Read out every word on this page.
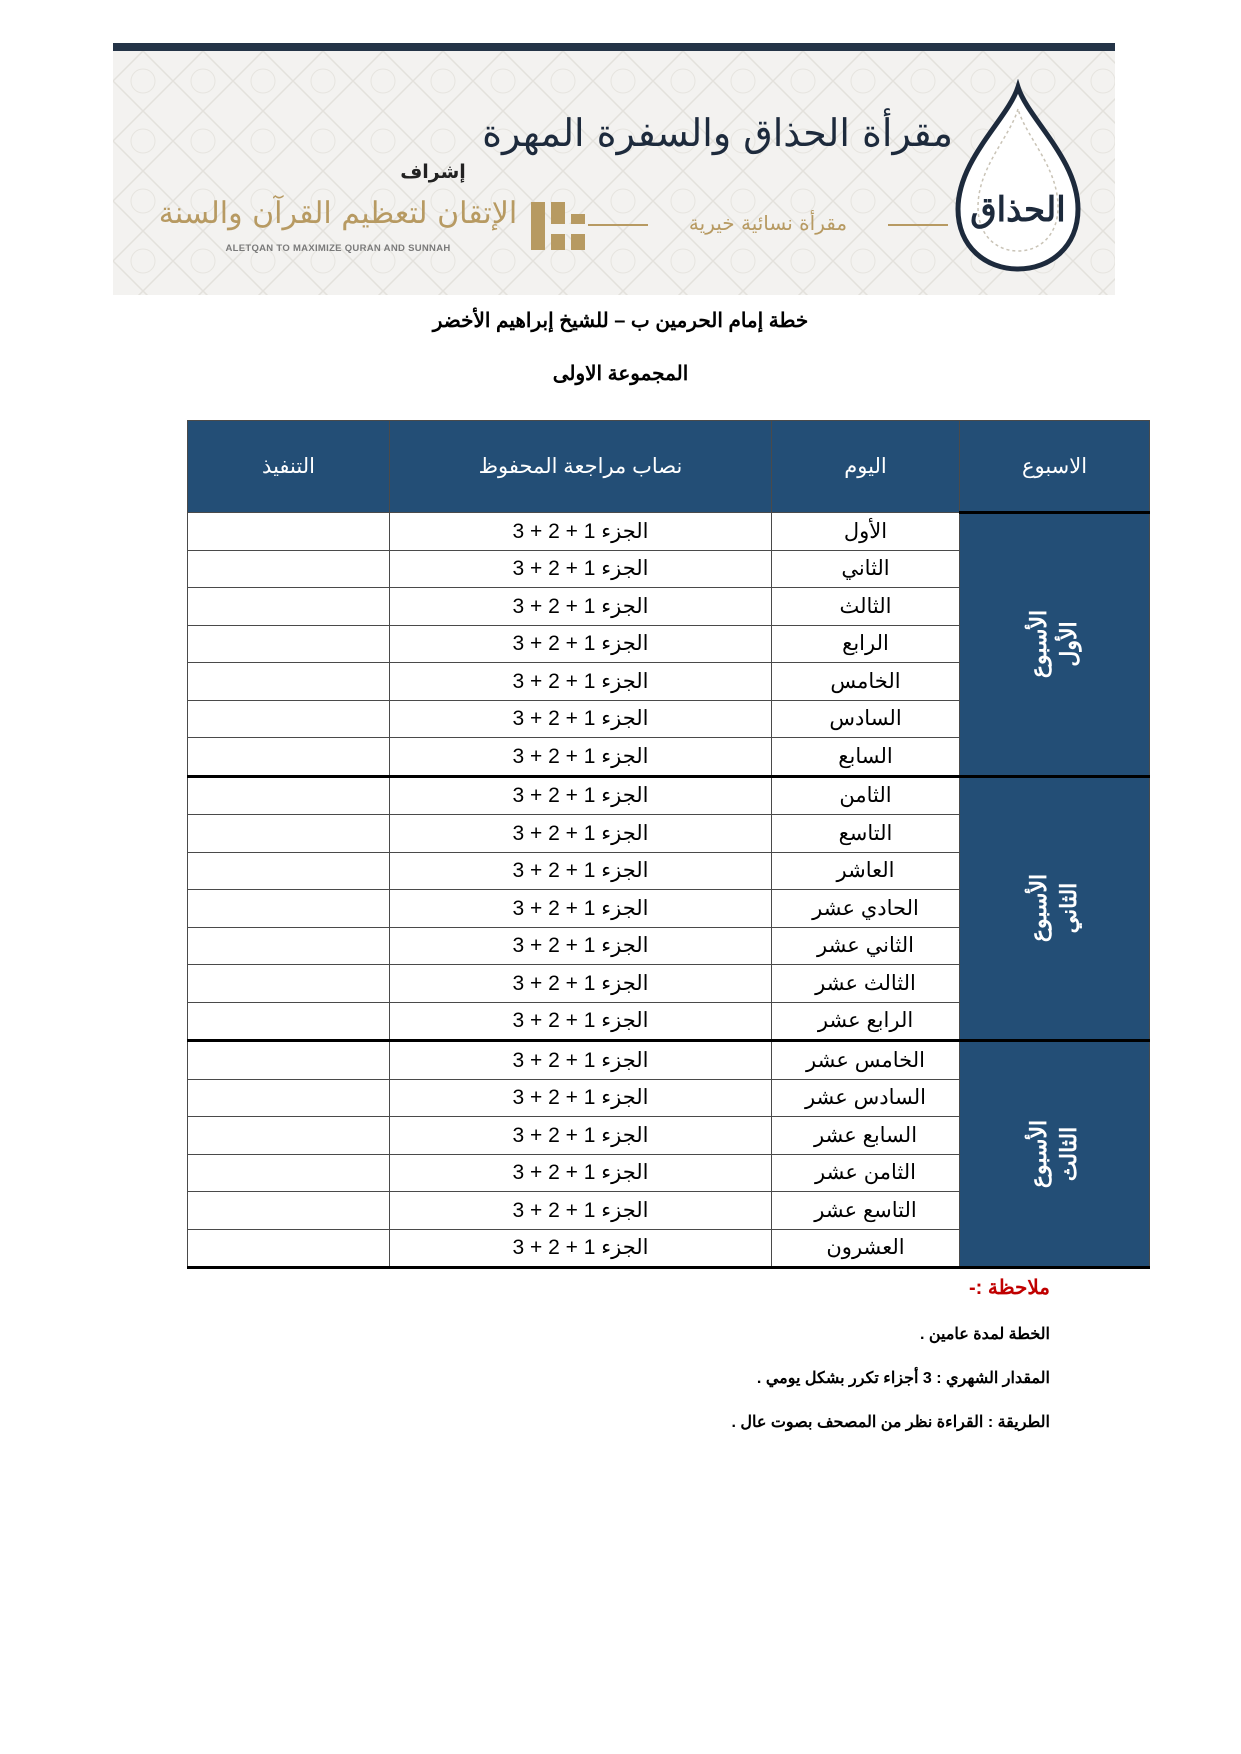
إشراف
الإتقان لتعظيم القرآن والسنة
ALETQAN TO MAXIMIZE QURAN AND SUNNAH
مقرأة الحذاق والسفرة المهرة
مقرأة نسائية خيرية	الحذاق
خطة إمام الحرمين ب – للشيخ إبراهيم الأخضر
المجموعة الاولى
الاسبوع	اليوم	نصاب مراجعة المحفوظ	التنفيذ
الأسبوع
الأول	الأول	الجزء 1 + 2 + 3	
	الثاني	الجزء 1 + 2 + 3	
	الثالث	الجزء 1 + 2 + 3	
	الرابع	الجزء 1 + 2 + 3	
	الخامس	الجزء 1 + 2 + 3	
	السادس	الجزء 1 + 2 + 3	
	السابع	الجزء 1 + 2 + 3	
الأسبوع
الثاني	الثامن	الجزء 1 + 2 + 3	
	التاسع	الجزء 1 + 2 + 3	
	العاشر	الجزء 1 + 2 + 3	
	الحادي عشر	الجزء 1 + 2 + 3	
	الثاني عشر	الجزء 1 + 2 + 3	
	الثالث عشر	الجزء 1 + 2 + 3	
	الرابع عشر	الجزء 1 + 2 + 3	
الأسبوع
الثالث	الخامس عشر	الجزء 1 + 2 + 3	
	السادس عشر	الجزء 1 + 2 + 3	
	السابع عشر	الجزء 1 + 2 + 3	
	الثامن عشر	الجزء 1 + 2 + 3	
	التاسع عشر	الجزء 1 + 2 + 3	
	العشرون	الجزء 1 + 2 + 3	
ملاحظة :-
الخطة لمدة عامين .
المقدار الشهري : 3 أجزاء تكرر بشكل يومي .
الطريقة : القراءة نظر من المصحف بصوت عال .
